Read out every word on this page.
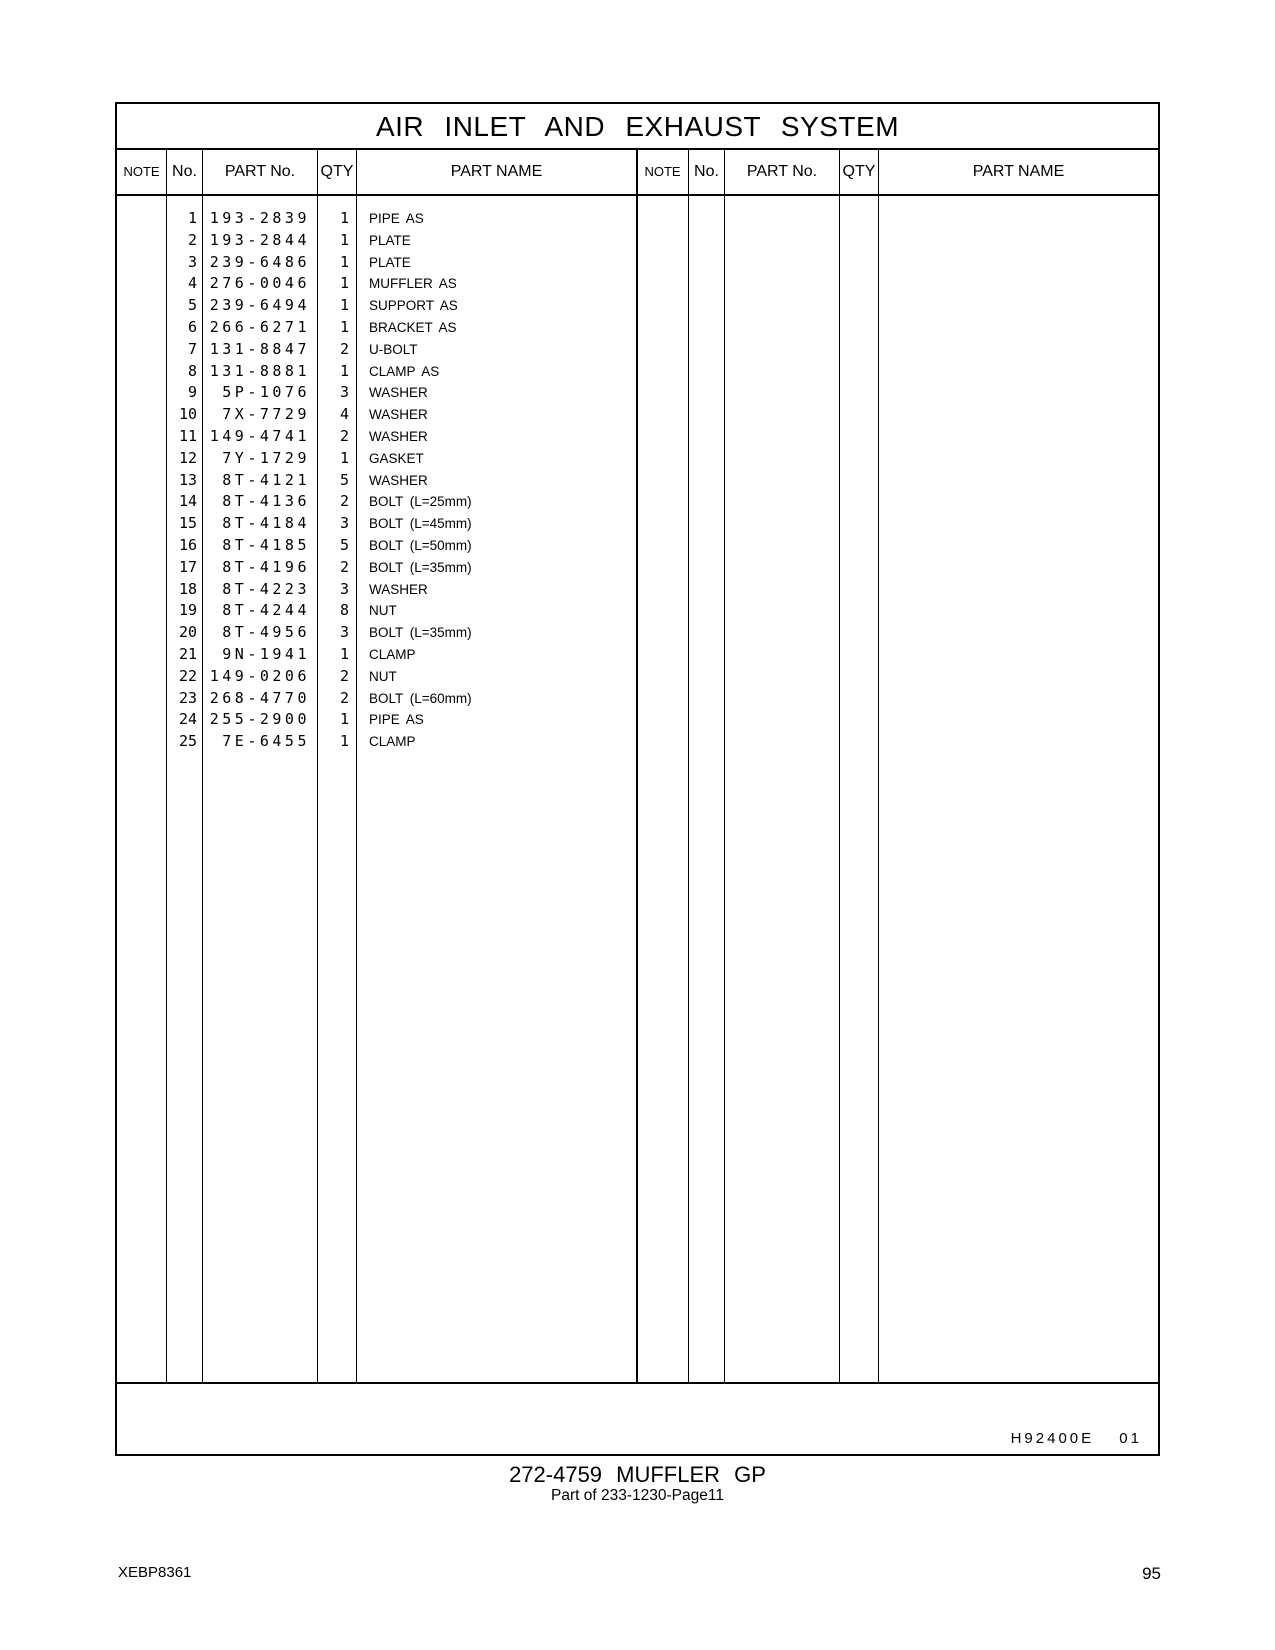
AIR INLET AND EXHAUST SYSTEM
NOTE No.	PART No.	QTY	PART NAME	NOTE No.	PART No.	QTY	PART NAME
1 193-2839	1 PIPE AS
2 193-2844	1 PLATE
3 239-6486	1 PLATE
4 276-0046	1 MUFFLER AS
5 239-6494	1 SUPPORT AS
6 266-6271	1 BRACKET AS
7 131-8847	2 U-BOLT
8 131-8881	1 CLAMP AS
9	5P-1076	3 WASHER
10	7X-7729	4 WASHER
11 149-4741	2 WASHER
12	7Y-1729	1 GASKET
13	8T-4121	5 WASHER
14	8T-4136	2 BOLT (L=25mm)
15	8T-4184	3 BOLT (L=45mm)
16	8T-4185	5 BOLT (L=50mm)
17	8T-4196	2 BOLT (L=35mm)
18	8T-4223	3 WASHER
19	8T-4244	8 NUT
20	8T-4956	3 BOLT (L=35mm)
21	9N-1941	1 CLAMP
22 149-0206	2 NUT
23 268-4770	2 BOLT (L=60mm)
24 255-2900	1 PIPE AS
25	7E-6455	1 CLAMP
H92400E 01
272-4759 MUFFLER GP
Part of 233-1230-Page11
XEBP8361	95
